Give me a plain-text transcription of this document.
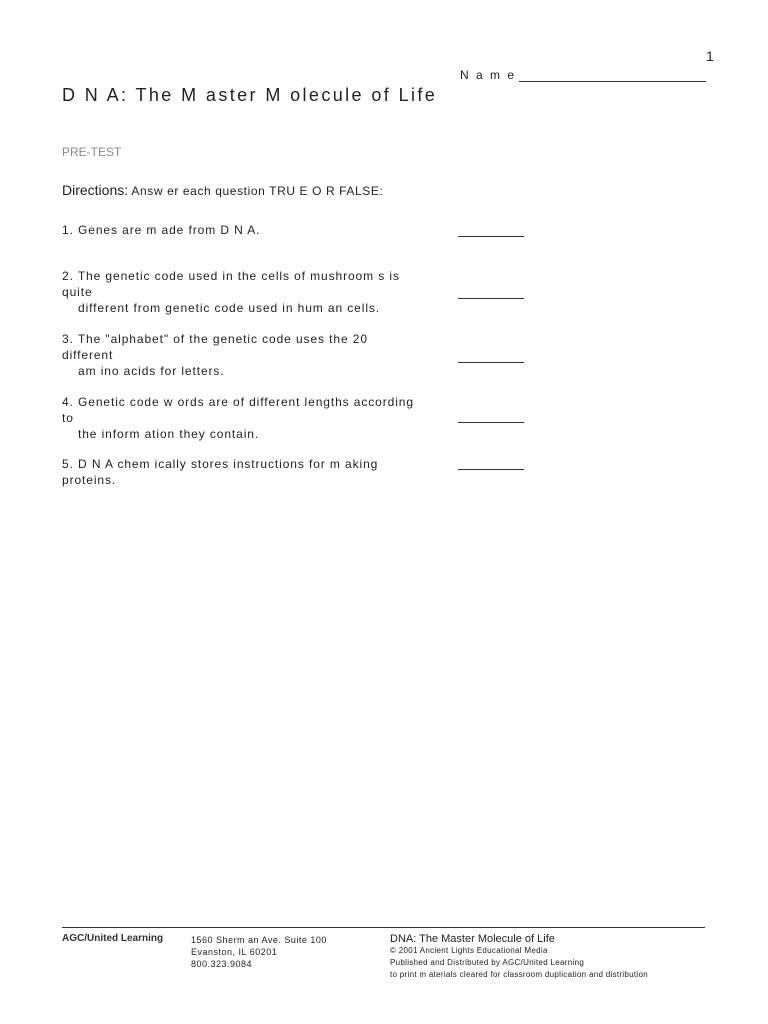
1
N a m e
D N A: The M aster M olecule of Life
PRE-TEST
Directions: Answ er each question TRU E O R FALSE:
1. Genes are m ade from D N A.
2. The genetic code used in the cells of mushroom s is quite
different from genetic code used in hum an cells.
3. The "alphabet" of the genetic code uses the 20 different
am ino acids for letters.
4. Genetic code w ords are of different lengths according to
the inform ation they contain.
5. D N A chem ically stores instructions for m aking proteins.
AGC/United Learning	1560 Sherm an Ave. Suite 100
Evanston, IL 60201
800.323.9084
DNA: The Master Molecule of Life
© 2001 Ancient Lights Educational Media
Published and Distributed by AGC/United Learning
to print m aterials cleared for classroom duplication and distribution
